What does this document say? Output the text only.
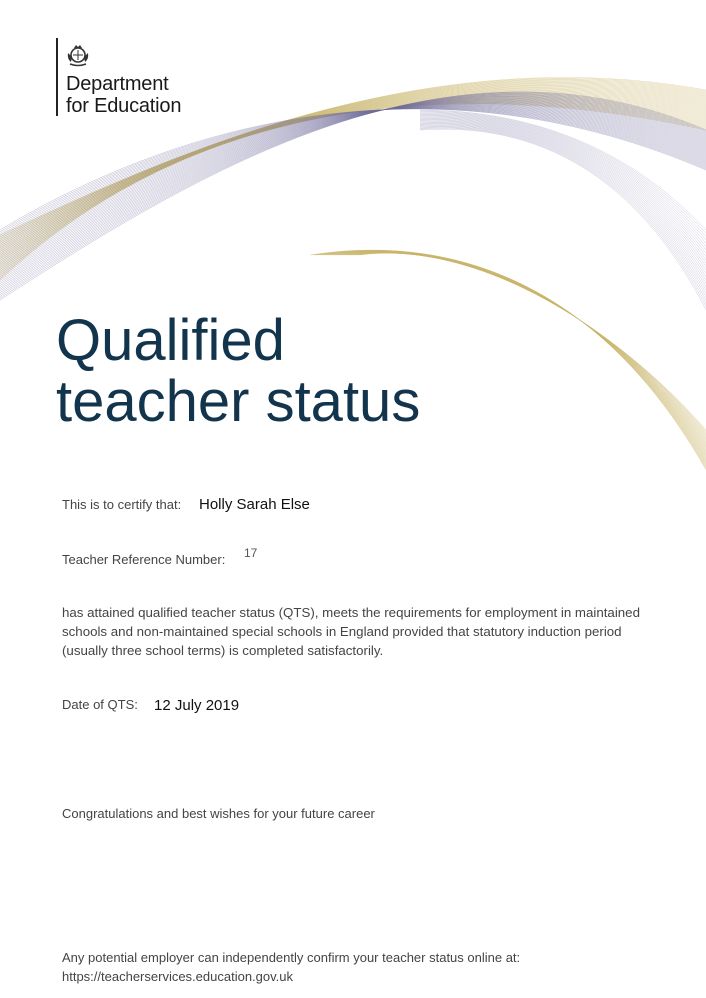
Department
for Education
Qualified
teacher status
This is to certify that: Holly Sarah Else
Teacher Reference Number: 17
has attained qualified teacher status (QTS), meets the requirements for employment in maintained schools and non-maintained special schools in England provided that statutory induction period (usually three school terms) is completed satisfactorily.
Date of QTS: 12 July 2019
Congratulations and best wishes for your future career
Any potential employer can independently confirm your teacher status online at:
https://teacherservices.education.gov.uk
